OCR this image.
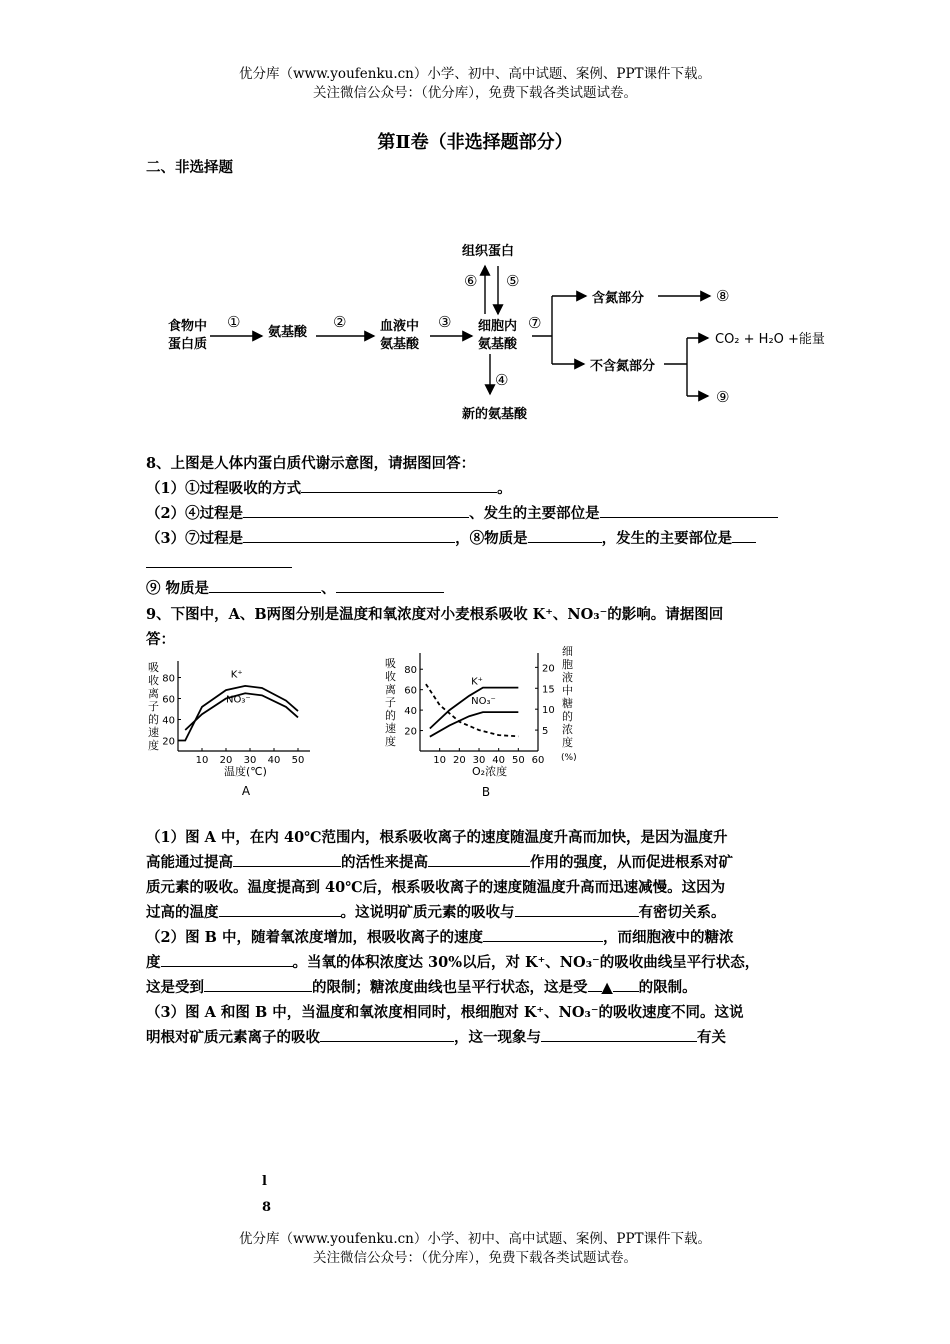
优分库（www.youfenku.cn）小学、初中、高中试题、案例、PPT课件下载。
关注微信公众号：（优分库），免费下载各类试题试卷。
第Ⅱ卷（非选择题部分）
二、非选择题
食物中
蛋白质
氨基酸	血液中
氨基酸
细胞内
氨基酸
组织蛋白
新的氨基酸
含氮部分
不含氮部分
CO₂ + H₂O +能量
①	②	③
④
⑤
⑥
⑦
⑧
⑨
8、上图是人体内蛋白质代谢示意图，请据图回答：
（1）①过程吸收的方式	。
（2）④过程是	、发生的主要部位是
（3）⑦过程是	，⑧物质是	，发生的主要部位是
⑨ 物质是	、
9、下图中，A、B两图分别是温度和氧浓度对小麦根系吸收 K⁺、NO₃⁻的影响。请据图回
答：
吸
收
离
子
的
速
度
10 20 30 40 50
20
40
60
80	K⁺
NO₃⁻
温度(℃)
A
吸
收
离
子
的
速
度
细
胞
液
中
糖
的
浓
度
(%)
10 20 30 40 50 60
20
40
60
80
5
10
15
20
K⁺
NO₃⁻
O₂浓度
B
（1）图 A 中，在内 40℃范围内，根系吸收离子的速度随温度升高而加快，是因为温度升
高能通过提高	的活性来提高	作用的强度，从而促进根系对矿
质元素的吸收。温度提高到 40℃后，根系吸收离子的速度随温度升高而迅速减慢。这因为
过高的温度	。这说明矿质元素的吸收与	有密切关系。
（2）图 B 中，随着氧浓度增加，根吸收离子的速度	，而细胞液中的糖浓
度	。当氧的体积浓度达 30%以后，对 K⁺、NO₃⁻的吸收曲线呈平行状态，
这是受到	的限制；糖浓度曲线也呈平行状态，这是受 ▲ 的限制。
（3）图 A 和图 B 中，当温度和氧浓度相同时，根细胞对 K⁺、NO₃⁻的吸收速度不同。这说
明根对矿质元素离子的吸收	，这一现象与	有关
l
8
优分库（www.youfenku.cn）小学、初中、高中试题、案例、PPT课件下载。
关注微信公众号：（优分库），免费下载各类试题试卷。
